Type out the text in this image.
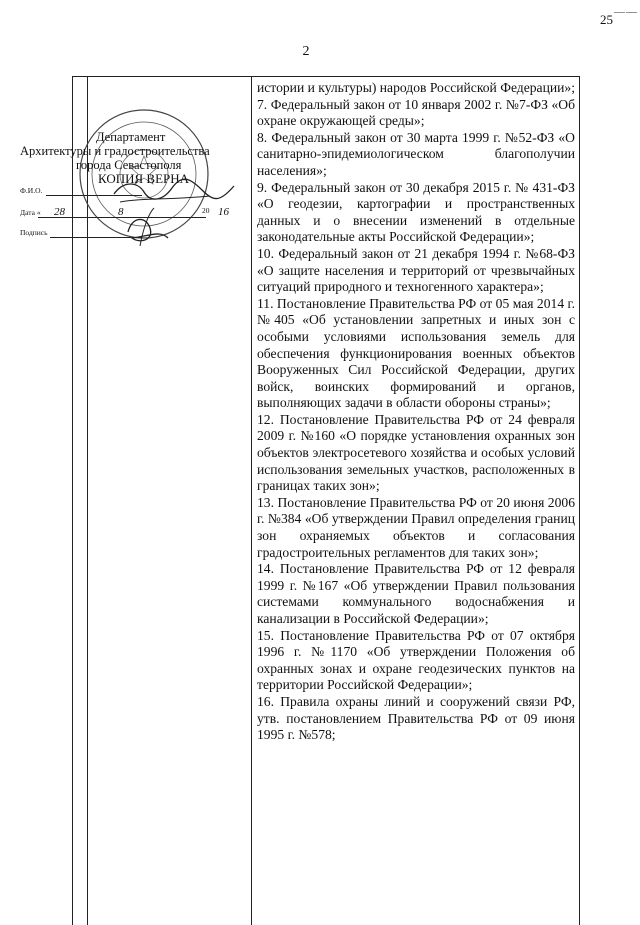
——
25
2

истории и культуры) народов Российской Федерации»;

7. Федеральный закон от 10 января 2002 г. №7-ФЗ «Об охране окружающей среды»;

8. Федеральный закон от 30 марта 1999 г. №52-ФЗ «О санитарно-эпидемиологическом благополучии населения»;

9. Федеральный закон от 30 декабря 2015 г. № 431-ФЗ «О геодезии, картографии и пространственных данных и о внесении изменений в отдельные законодательные акты Российской Федерации»;

10. Федеральный закон от 21 декабря 1994 г. №68-ФЗ «О защите населения и территорий от чрезвычайных ситуаций природного и техногенного характера»;

11. Постановление Правительства РФ от 05 мая 2014 г. №405 «Об установлении запретных и иных зон с особыми условиями использования земель для обеспечения функционирования военных объектов Вооруженных Сил Российской Федерации, других войск, воинских формирований и органов, выполняющих задачи в области обороны страны»;

12. Постановление Правительства РФ от 24 февраля 2009 г. №160 «О порядке установления охранных зон объектов электросетевого хозяйства и особых условий использования земельных участков, расположенных в границах таких зон»;

13. Постановление Правительства РФ от 20 июня 2006 г. №384 «Об утверждении Правил определения границ зон охраняемых объектов и согласования градостроительных регламентов для таких зон»;

14. Постановление Правительства РФ от 12 февраля 1999 г. №167 «Об утверждении Правил пользования системами коммунального водоснабжения и канализации в Российской Федерации»;

15. Постановление Правительства РФ от 07 октября 1996 г. №1170 «Об утверждении Положения об охранных зонах и охране геодезических пунктов на территории Российской Федерации»;

16. Правила охраны линий и сооружений связи РФ, утв. постановлением Правительства РФ от 09 июня 1995 г. №578;

Департамент
Архитектуры и градостроительства
города Севастополя
КОПИЯ ВЕРНА
Ф.И.О.
Дата « 28	8	20 16
Подпись
